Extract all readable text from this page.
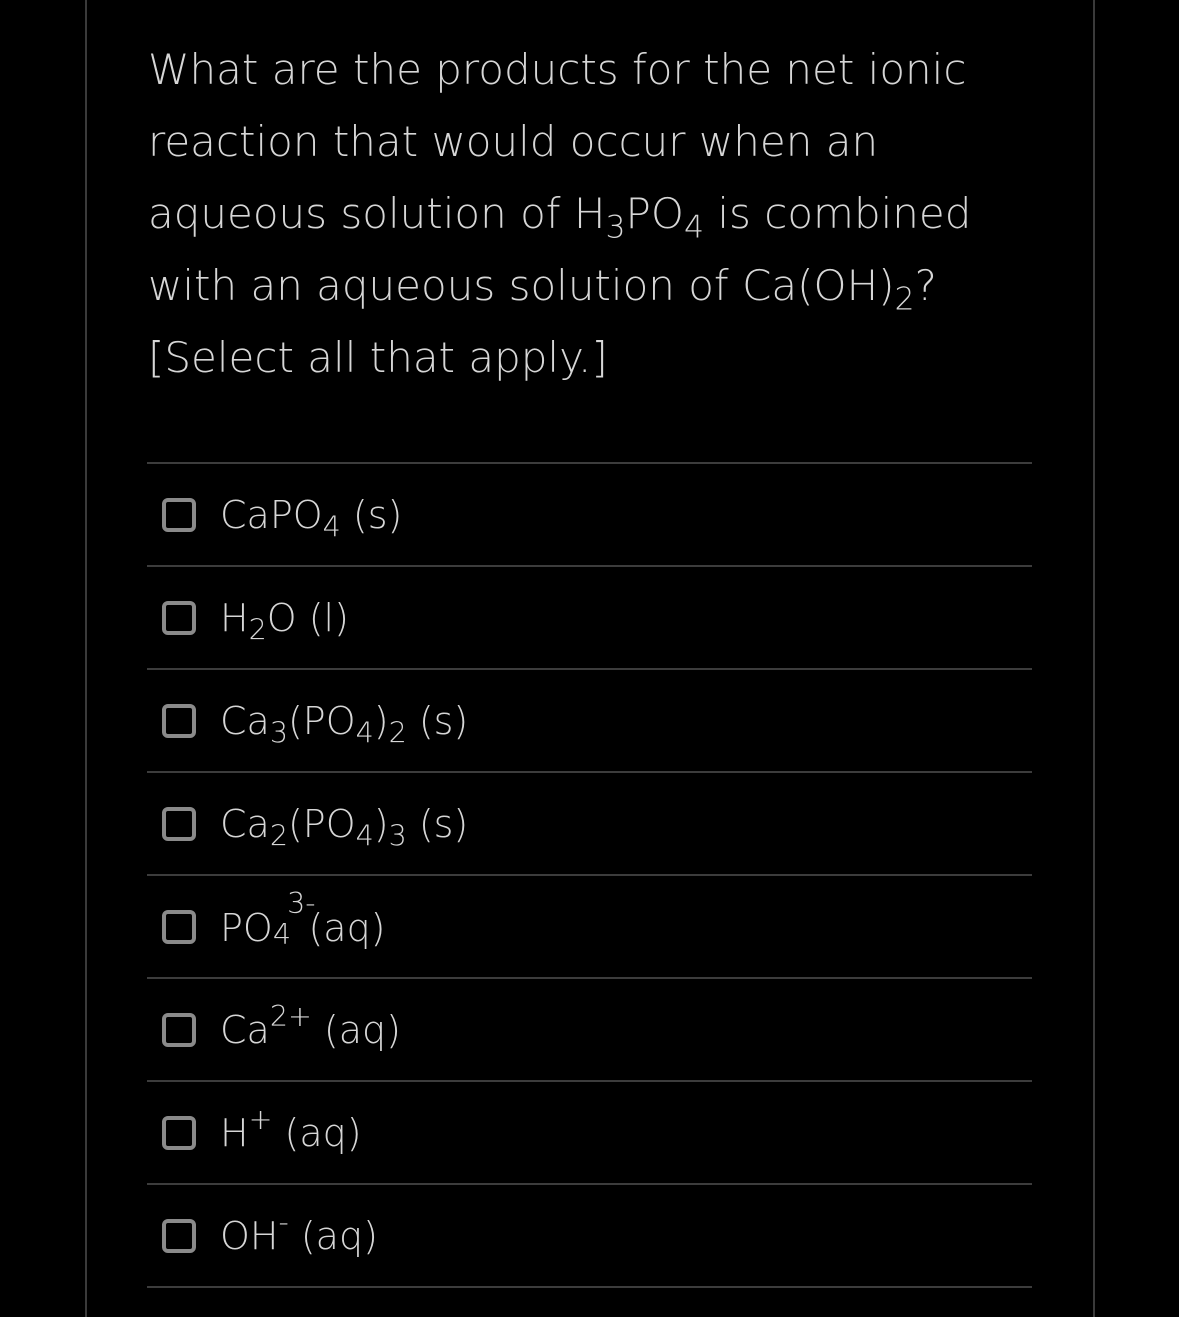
What are the products for the net ionic
reaction that would occur when an
aqueous solution of $H_3PO_4$ is combined
with an aqueous solution of $Ca(OH)_2$?
[Select all that apply.]
CaPO$_4$ (s)
$H_2O$ (l)
$Ca_3(PO_4)_2$ (s)
$Ca_2(PO_4)_3$ (s)
PO 4
3-
(aq)
$Ca^{2+}$ (aq)
H+ (aq)
OH- (aq)
